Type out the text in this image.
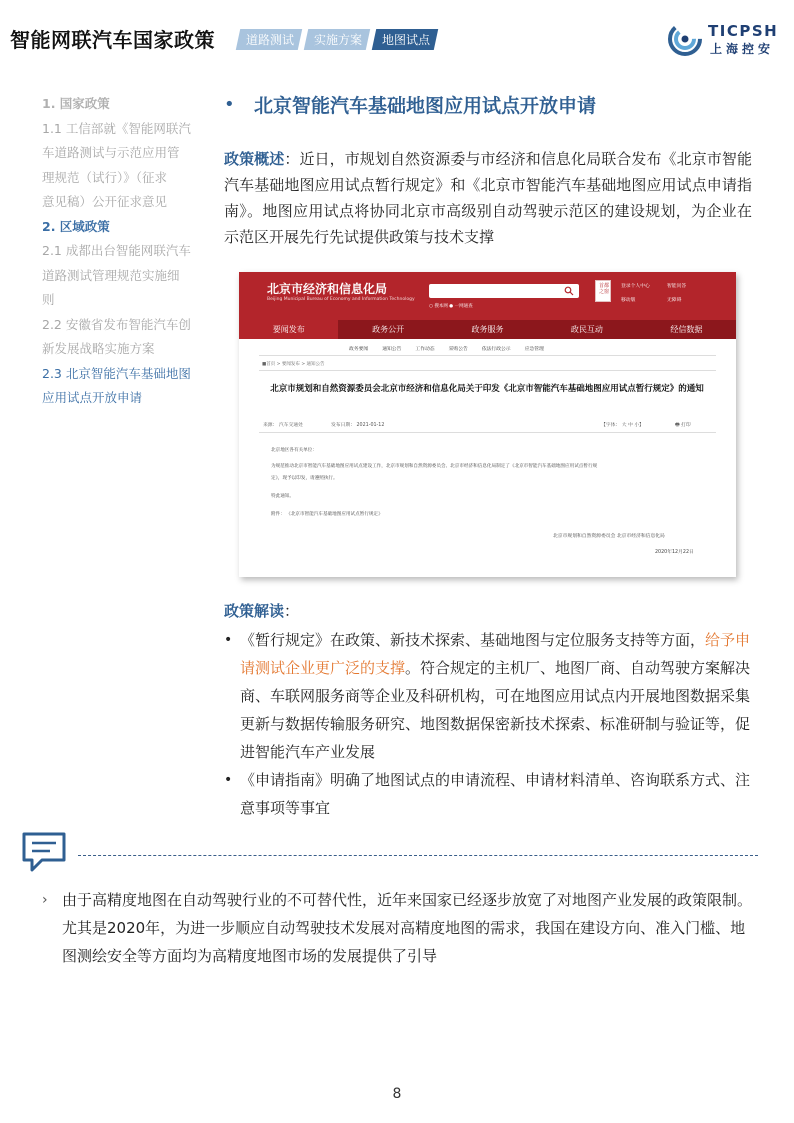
智能网联汽车国家政策	道路测试	实施方案	地图试点	TICPSH
上海控安
1. 国家政策
1.1 工信部就《智能网联汽
车道路测试与示范应用管
理规范（试行）》（征求
意见稿）公开征求意见
2. 区域政策
2.1 成都出台智能网联汽车
道路测试管理规范实施细
则
2.2 安徽省发布智能汽车创
新发展战略实施方案
2.3 北京智能汽车基础地图
应用试点开放申请
• 北京智能汽车基础地图应用试点开放申请
政策概述：近日，市规划自然资源委与市经济和信息化局联合发布《北京市智能汽车基础地图应用试点暂行规定》和《北京市智能汽车基础地图应用试点申请指南》。地图应用试点将协同北京市高级别自动驾驶示范区的建设规划，为企业在示范区开展先行先试提供政策与技术支撑
北京市经济和信息化局
Beijing Municipal Bureau of Economy and Information Technology
○ 搜本网 ● 一网通查
首都之窗
登录个人中心	智能问答
移动版	无障碍
要闻发布	政务公开	政务服务	政民互动	经信数据
政务要闻	通知公告	工作动态	采购公告	依法行政公示	应急管理
■首页 > 要闻发布 > 通知公告
北京市规划和自然资源委员会北京市经济和信息化局关于印发《北京市智能汽车基础地图应用试点暂行规定》的通知
来源： 汽车交通处	发布日期： 2021-01-12	【字体： 大 中 小】	🖶 打印
北京地区各有关单位：
为规范推动北京市智能汽车基础地图应用试点建设工作，北京市规划和自然资源委员会、北京市经济和信息化局制定了《北京市智能汽车基础地图应用试点暂行规
定》，现予以印发，请遵照执行。
特此通知。
附件： 《北京市智能汽车基础地图应用试点暂行规定》
北京市规划和自然资源委员会 北京市经济和信息化局
2020年12月22日
政策解读：
• 《暂行规定》在政策、新技术探索、基础地图与定位服务支持等方面，给予申请测试企业更广泛的支撑。符合规定的主机厂、地图厂商、自动驾驶方案解决商、车联网服务商等企业及科研机构，可在地图应用试点内开展地图数据采集更新与数据传输服务研究、地图数据保密新技术探索、标准研制与验证等，促进智能汽车产业发展
• 《申请指南》明确了地图试点的申请流程、申请材料清单、咨询联系方式、注意事项等事宜
› 由于高精度地图在自动驾驶行业的不可替代性，近年来国家已经逐步放宽了对地图产业发展的政策限制。尤其是2020年，为进一步顺应自动驾驶技术发展对高精度地图的需求，我国在建设方向、准入门槛、地图测绘安全等方面均为高精度地图市场的发展提供了引导
8
